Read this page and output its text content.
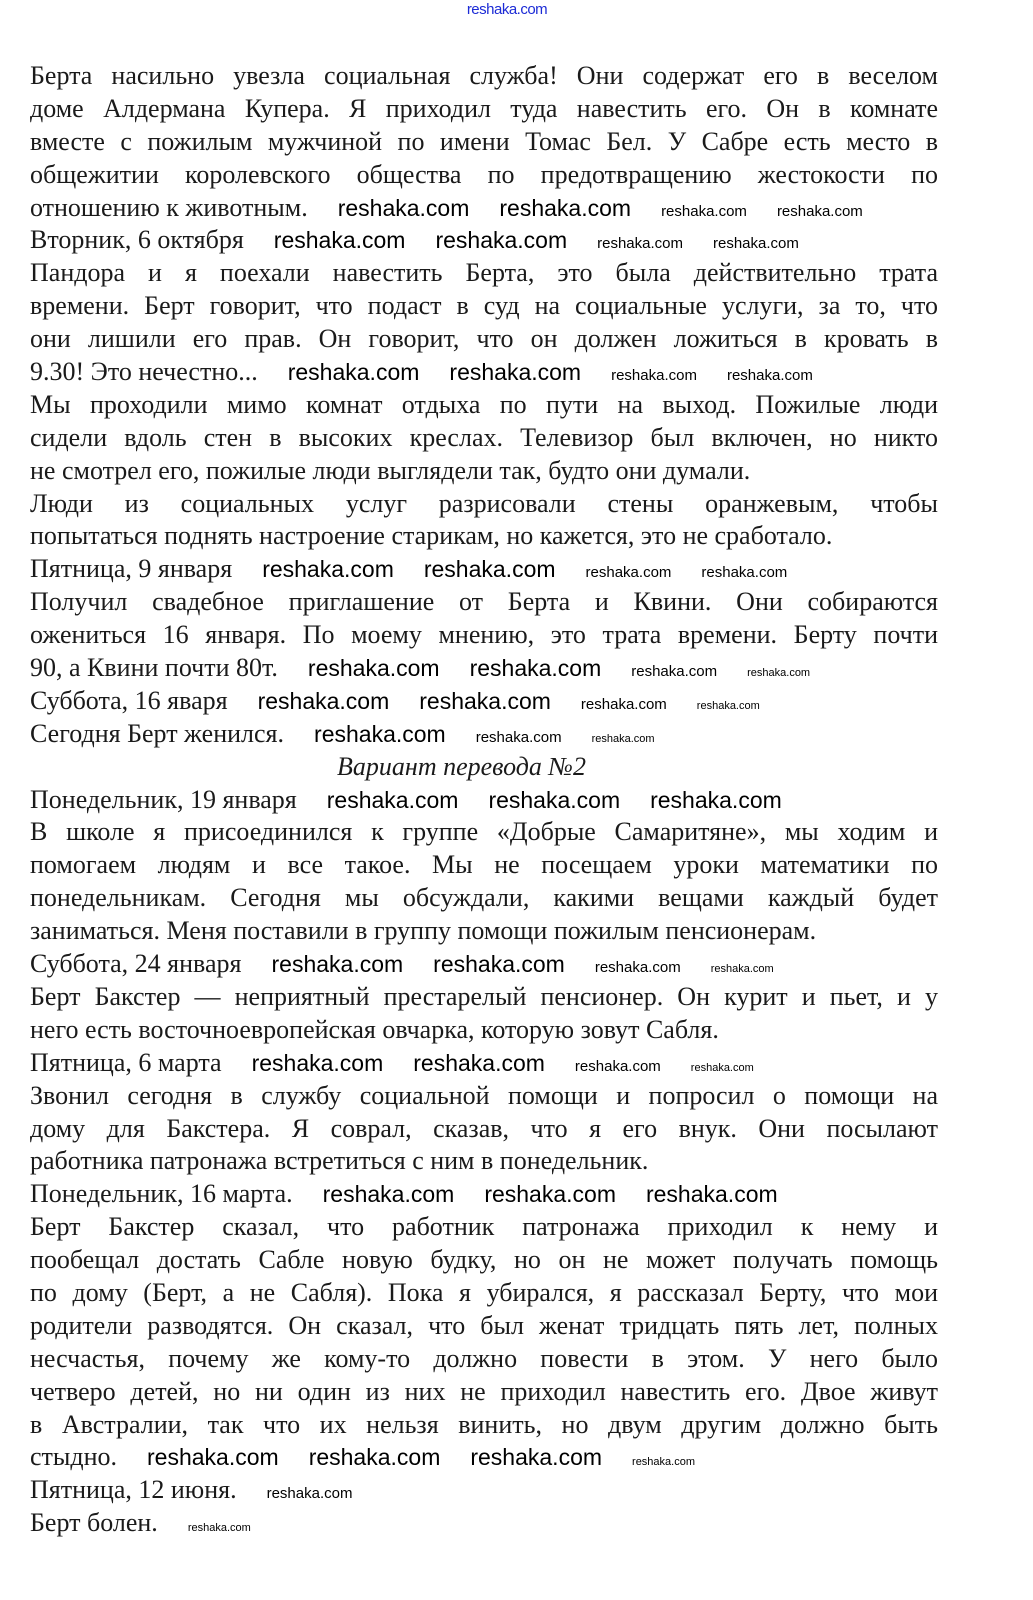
reshaka.com
Берта насильно увезла социальная служба! Они содержат его в веселом
доме Алдермана Купера. Я приходил туда навестить его. Он в комнате
вместе с пожилым мужчиной по имени Томас Бел. У Сабре есть место в
общежитии королевского общества по предотвращению жестокости по
отношению к животным. reshaka.com reshaka.com reshaka.com reshaka.com
Вторник, 6 октября reshaka.com reshaka.com reshaka.com reshaka.com
Пандора и я поехали навестить Берта, это была действительно трата
времени. Берт говорит, что подаст в суд на социальные услуги, за то, что
они лишили его прав. Он говорит, что он должен ложиться в кровать в
9.30! Это нечестно... reshaka.com reshaka.com reshaka.com reshaka.com
Мы проходили мимо комнат отдыха по пути на выход. Пожилые люди
сидели вдоль стен в высоких креслах. Телевизор был включен, но никто
не смотрел его, пожилые люди выглядели так, будто они думали.
Люди из социальных услуг разрисовали стены оранжевым, чтобы
попытаться поднять настроение старикам, но кажется, это не сработало.
Пятница, 9 января reshaka.com reshaka.com reshaka.com reshaka.com
Получил свадебное приглашение от Берта и Квини. Они собираются
ожениться 16 января. По моему мнению, это трата времени. Берту почти
90, а Квини почти 80т. reshaka.com reshaka.com reshaka.com	reshaka.com
Суббота, 16 яваря reshaka.com reshaka.com reshaka.com	reshaka.com
Сегодня Берт женился. reshaka.com reshaka.com	reshaka.com
Вариант перевода №2
Понедельник, 19 января reshaka.com reshaka.com reshaka.com
В школе я присоединился к группе «Добрые Самаритяне», мы ходим и
помогаем людям и все такое. Мы не посещаем уроки математики по
понедельникам. Сегодня мы обсуждали, какими вещами каждый будет
заниматься. Меня поставили в группу помощи пожилым пенсионерам.
Суббота, 24 января reshaka.com reshaka.com reshaka.com	reshaka.com
Берт Бакстер — неприятный престарелый пенсионер. Он курит и пьет, и у
него есть восточноевропейская овчарка, которую зовут Сабля.
Пятница, 6 марта reshaka.com reshaka.com reshaka.com	reshaka.com
Звонил сегодня в службу социальной помощи и попросил о помощи на
дому для Бакстера. Я соврал, сказав, что я его внук. Они посылают
работника патронажа встретиться с ним в понедельник.
Понедельник, 16 марта. reshaka.com reshaka.com reshaka.com
Берт Бакстер сказал, что работник патронажа приходил к нему и
пообещал достать Сабле новую будку, но он не может получать помощь
по дому (Берт, а не Сабля). Пока я убирался, я рассказал Берту, что мои
родители разводятся. Он сказал, что был женат тридцать пять лет, полных
несчастья, почему же кому-то должно повести в этом. У него было
четверо детей, но ни один из них не приходил навестить его. Двое живут
в Австралии, так что их нельзя винить, но двум другим должно быть
стыдно. reshaka.com reshaka.com reshaka.com	reshaka.com
Пятница, 12 июня. reshaka.com
Берт болен.	reshaka.com
